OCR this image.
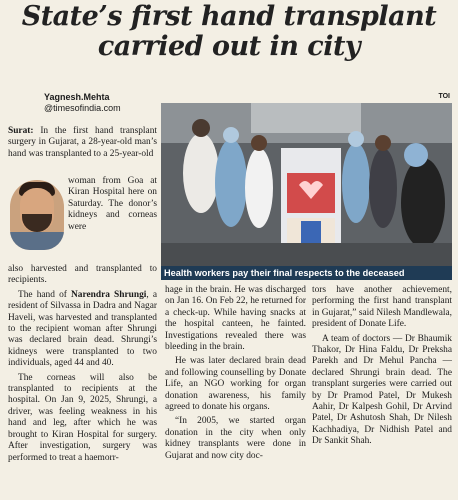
State’s first hand transplant carried out in city
Yagnesh.Mehta
@timesofindia.com
Surat: In the first hand transplant surgery in Gujarat, a 28-year-old man’s hand was transplanted to a 25-year-old
woman from Goa at Kiran Hospital here on Saturday. The donor’s kidneys and corneas were

also harvested and transplanted to recipients.

The hand of Narendra Shrungi, a resident of Silvassa in Dadra and Nagar Haveli, was harvested and transplanted to the recipient woman after Shrungi was declared brain dead. Shrungi’s kidneys were transplanted to two individuals, aged 44 and 40.

The corneas will also be transplanted to recipients at the hospital. On Jan 9, 2025, Shrungi, a driver, was feeling weakness in his hand and leg, after which he was brought to Kiran Hospital for surgery. After investigation, surgery was performed to treat a haemorr-

TOI
Health workers pay their final respects to the deceased

hage in the brain. He was discharged on Jan 16. On Feb 22, he returned for a check-up. While having snacks at the hospital canteen, he fainted. Investigations revealed there was bleeding in the brain.

He was later declared brain dead and following counselling by Donate Life, an NGO working for organ donation awareness, his family agreed to donate his organs.

“In 2005, we started organ donation in the city when only kidney transplants were done in Gujarat and now city doc-

tors have another achievement, performing the first hand transplant in Gujarat,” said Nilesh Mandlewala, president of Donate Life.

A team of doctors — Dr Bhaumik Thakor, Dr Hina Faldu, Dr Preksha Parekh and Dr Mehul Pancha — declared Shrungi brain dead. The transplant surgeries were carried out by Dr Pramod Patel, Dr Mukesh Aahir, Dr Kalpesh Gohil, Dr Arvind Patel, Dr Ashutosh Shah, Dr Nilesh Kachhadiya, Dr Nidhish Patel and Dr Sankit Shah.
